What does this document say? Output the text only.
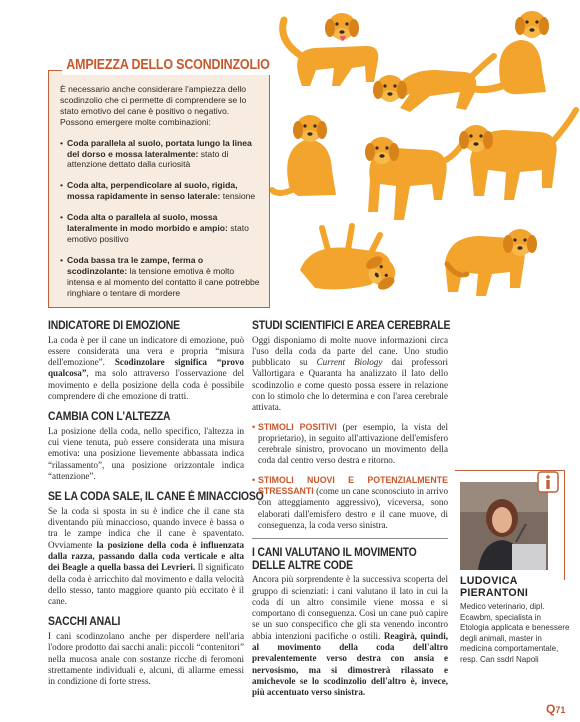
AMPIEZZA DELLO SCONDINZOLIO

È necessario anche considerare l'ampiezza dello scodinzolio che ci permette di comprendere se lo stato emotivo del cane è positivo o negativo. Possono emergere molte combinazioni:

• Coda parallela al suolo, portata lungo la linea del dorso e mossa lateralmente: stato di attenzione dettato dalla curiosità
• Coda alta, perpendicolare al suolo, rigida, mossa rapidamente in senso laterale: tensione
• Coda alta o parallela al suolo, mossa lateralmente in modo morbido e ampio: stato emotivo positivo
• Coda bassa tra le zampe, ferma o scodinzolante: la tensione emotiva è molto intensa e al momento del contatto il cane potrebbe ringhiare o tentare di mordere
INDICATORE DI EMOZIONE

La coda è per il cane un indicatore di emozione, può essere considerata una vera e propria “misura dell'emozione”. Scodinzolare significa “provo qualcosa”, ma solo attraverso l'osservazione del movimento e della posizione della coda è possibile comprendere di che emozione di tratti.

CAMBIA CON L'ALTEZZA

La posizione della coda, nello specifico, l'altezza in cui viene tenuta, può essere considerata una misura emotiva: una posizione lievemente abbassata indica “rilassamento”, una posizione orizzontale indica “attenzione”.

SE LA CODA SALE, IL CANE È MINACCIOSO

Se la coda si sposta in su è indice che il cane sta diventando più minaccioso, quando invece è bassa o tra le zampe indica che il cane è spaventato. Ovviamente la posizione della coda è influenzata dalla razza, passando dalla coda verticale e alta dei Beagle a quella bassa dei Levrieri. Il significato della coda è arricchito dal movimento e dalla velocità dello stesso, tanto maggiore quanto più eccitato è il cane.

SACCHI ANALI

I cani scodinzolano anche per disperdere nell'aria l'odore prodotto dai sacchi anali: piccoli “contenitori” nella mucosa anale con sostanze ricche di feromoni strettamente individuali e, alcuni, di allarme emessi in condizione di forte stress.

STUDI SCIENTIFICI E AREA CEREBRALE

Oggi disponiamo di molte nuove informazioni circa l'uso della coda da parte del cane. Uno studio pubblicato su Current Biology dai professori Vallortigara e Quaranta ha analizzato il lato dello scodinzolio e come questo possa essere in relazione con lo stimolo che lo determina e con l'area cerebrale attivata.

• STIMOLI POSITIVI (per esempio, la vista del proprietario), in seguito all'attivazione dell'emisfero cerebrale sinistro, provocano un movimento della coda dal centro verso destra e ritorno.

• STIMOLI NUOVI E POTENZIALMENTE STRESSANTI (come un cane sconosciuto in arrivo con atteggiamento aggressivo), viceversa, sono elaborati dall'emisfero destro e il cane muove, di conseguenza, la coda verso sinistra.

I CANI VALUTANO IL MOVIMENTO DELLE ALTRE CODE

Ancora più sorprendente è la successiva scoperta del gruppo di scienziati: i cani valutano il lato in cui la coda di un altro consimile viene mossa e si comportano di conseguenza. Così un cane può capire se un suo conspecifico che gli sta venendo incontro abbia intenzioni pacifiche o ostili. Reagirà, quindi, al movimento della coda dell'altro prevalentemente verso destra con ansia e nervosismo, ma si dimostrerà rilassato e amichevole se lo scodinzolio dell'altro è, invece, più accentuato verso sinistra.

LUDOVICA
PIERANTONI
Medico veterinario, dipl. Ecawbm, specialista in Etologia applicata e benessere degli animali, master in medicina comportamentale, resp. Can ssdrl Napoli
Q71
